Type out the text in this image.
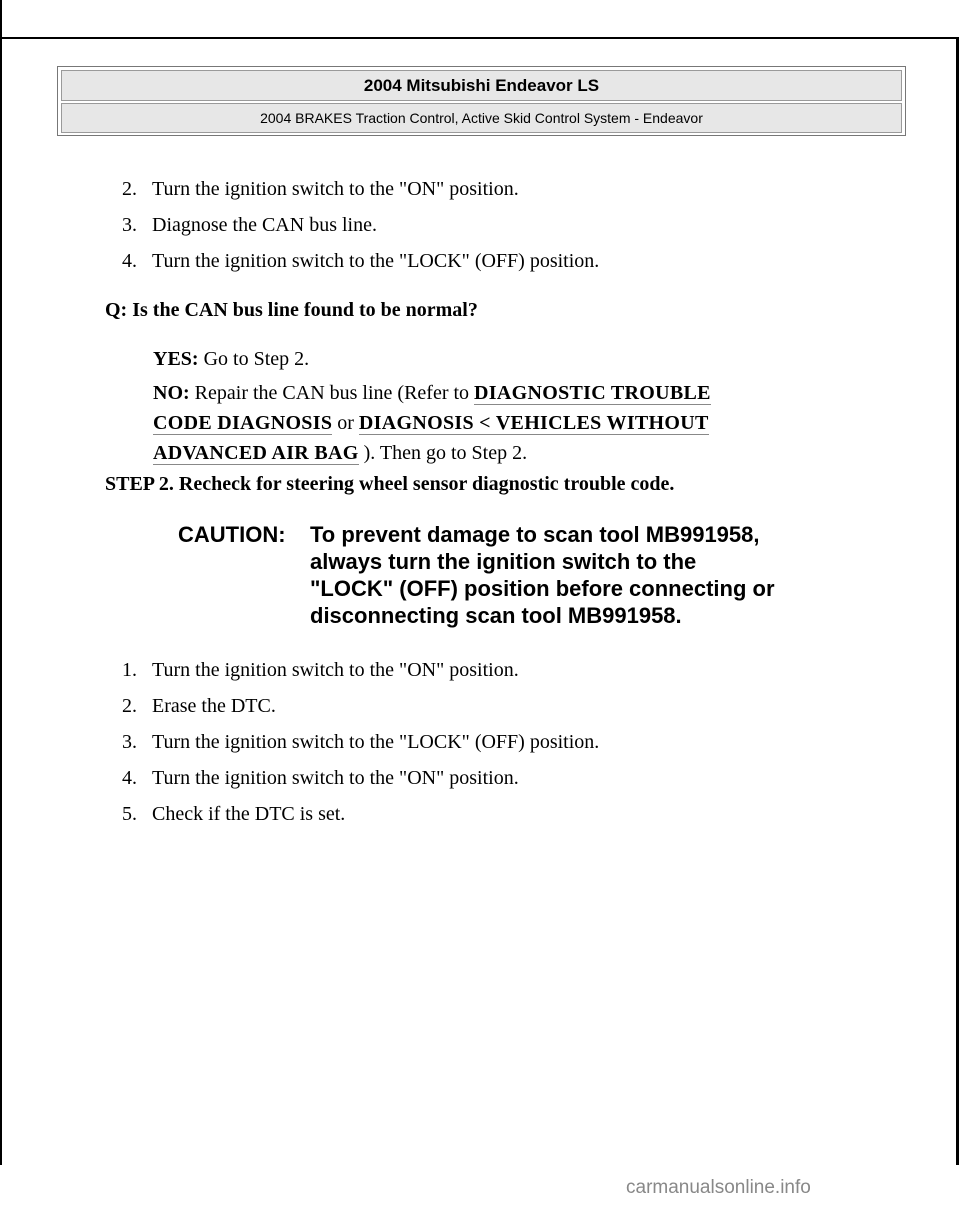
2004 Mitsubishi Endeavor LS
2004 BRAKES Traction Control, Active Skid Control System - Endeavor
2. Turn the ignition switch to the "ON" position.
3. Diagnose the CAN bus line.
4. Turn the ignition switch to the "LOCK" (OFF) position.
Q: Is the CAN bus line found to be normal?
YES: Go to Step 2.
NO: Repair the CAN bus line (Refer to DIAGNOSTIC TROUBLE
CODE DIAGNOSIS or DIAGNOSIS < VEHICLES WITHOUT
ADVANCED AIR BAG ). Then go to Step 2.
STEP 2. Recheck for steering wheel sensor diagnostic trouble code.
CAUTION: To prevent damage to scan tool MB991958,
always turn the ignition switch to the
"LOCK" (OFF) position before connecting or
disconnecting scan tool MB991958.
1. Turn the ignition switch to the "ON" position.
2. Erase the DTC.
3. Turn the ignition switch to the "LOCK" (OFF) position.
4. Turn the ignition switch to the "ON" position.
5. Check if the DTC is set.
carmanualsonline.info
